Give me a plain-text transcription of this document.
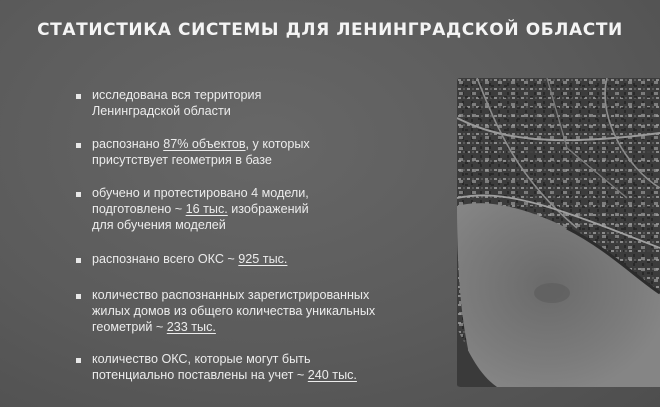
СТАТИСТИКА СИСТЕМЫ ДЛЯ ЛЕНИНГРАДСКОЙ ОБЛАСТИ
исследована вся территория
Ленинградской области
распознано 87% объектов, у которых
присутствует геометрия в базе
обучено и протестировано 4 модели,
подготовлено ~ 16 тыс. изображений
для обучения моделей
распознано всего ОКС ~ 925 тыс.
количество распознанных зарегистрированных
жилых домов из общего количества уникальных
геометрий ~ 233 тыс.
количество ОКС, которые могут быть
потенциально поставлены на учет ~ 240 тыс.
